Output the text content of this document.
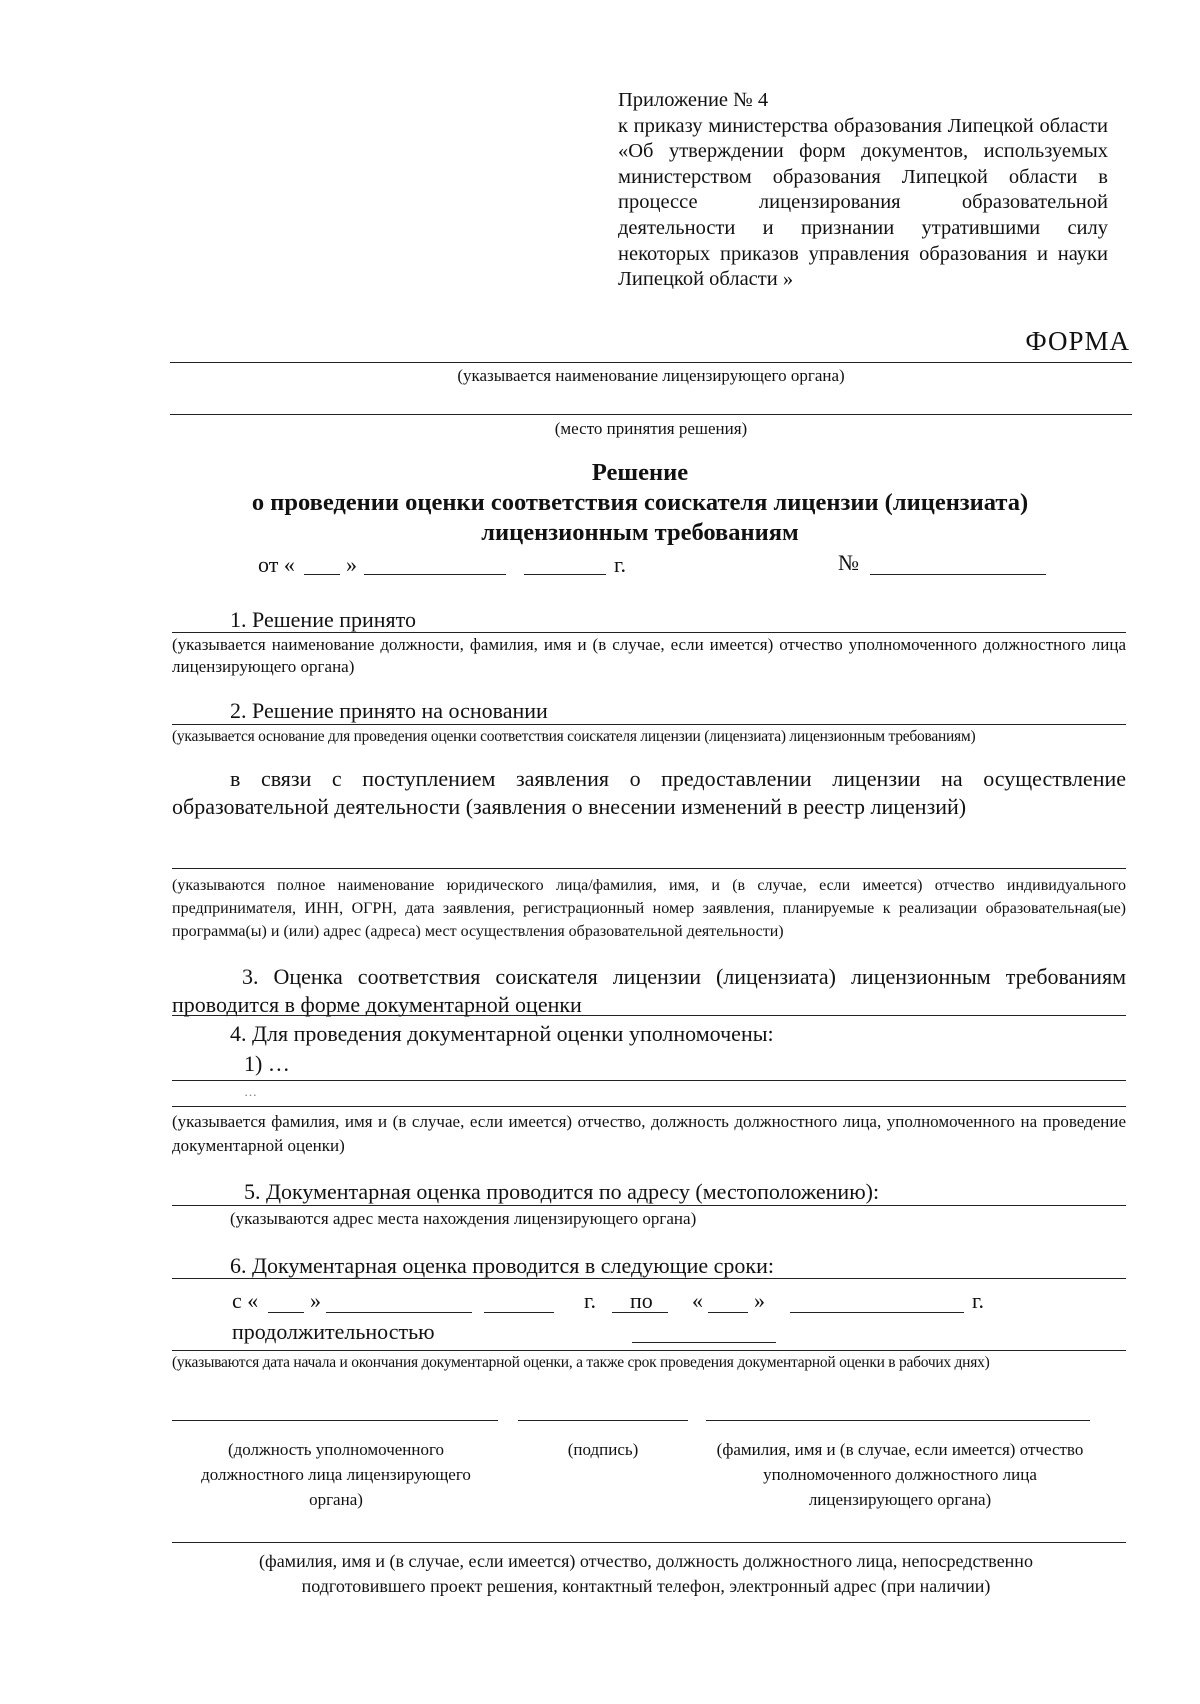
Приложение № 4
к приказу министерства образования Липецкой области «Об утверждении форм документов, используемых министерством образования Липецкой области в процессе лицензирования образовательной деятельности и признании утратившими силу некоторых приказов управления образования и науки Липецкой области »
ФОРМА
(указывается наименование лицензирующего органа)
(место принятия решения)
Решение
о проведении оценки соответствия соискателя лицензии (лицензиата)
лицензионным требованиям
от « »	г.	№
1. Решение принято
(указывается наименование должности, фамилия, имя и (в случае, если имеется) отчество уполномоченного должностного лица лицензирующего органа)
2. Решение принято на основании
(указывается основание для проведения оценки соответствия соискателя лицензии (лицензиата) лицензионным требованиям)
в связи с поступлением заявления о предоставлении лицензии на осуществление образовательной деятельности (заявления о внесении изменений в реестр лицензий)
(указываются полное наименование юридического лица/фамилия, имя, и (в случае, если имеется) отчество индивидуального предпринимателя, ИНН, ОГРН, дата заявления, регистрационный номер заявления, планируемые к реализации образовательная(ые) программа(ы) и (или) адрес (адреса) мест осуществления образовательной деятельности)
3. Оценка соответствия соискателя лицензии (лицензиата) лицензионным требованиям проводится в форме документарной оценки
4. Для проведения документарной оценки уполномочены:
1) …
…
(указывается фамилия, имя и (в случае, если имеется) отчество, должность должностного лица, уполномоченного на проведение документарной оценки)
5. Документарная оценка проводится по адресу (местоположению):
(указываются адрес места нахождения лицензирующего органа)
6. Документарная оценка проводится в следующие сроки:
с « »	г. по « »	г.
продолжительностью
(указываются дата начала и окончания документарной оценки, а также срок проведения документарной оценки в рабочих днях)
(должность уполномоченного должностного лица лицензирующего органа)
(подпись)	(фамилия, имя и (в случае, если имеется) отчество уполномоченного должностного лица лицензирующего органа)
(фамилия, имя и (в случае, если имеется) отчество, должность должностного лица, непосредственно подготовившего проект решения, контактный телефон, электронный адрес (при наличии)
